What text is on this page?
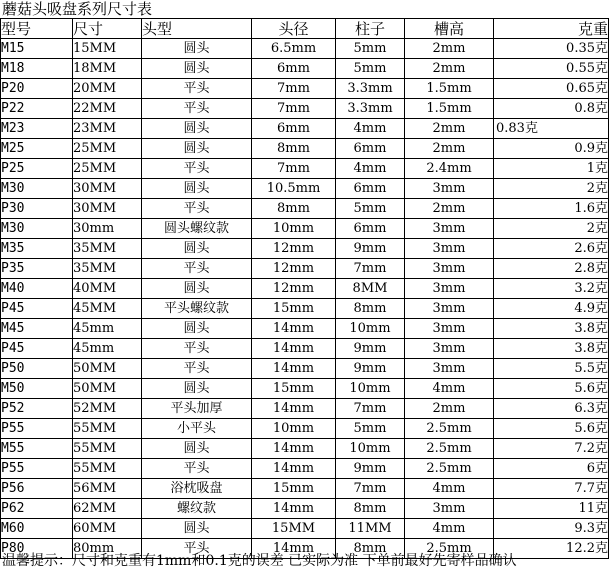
蘑菇头吸盘系列尺寸表
型号	尺寸	头型	头径	柱子	槽高	克重
M15	15MM	圆头	6.5mm	5mm	2mm	0.35克
M18	18MM	圆头	6mm	5mm	2mm	0.55克
P20	20MM	平头	7mm	3.3mm	1.5mm	0.65克
P22	22MM	平头	7mm	3.3mm	1.5mm	0.8克
M23	23MM	圆头	6mm	4mm	2mm	0.83克
M25	25MM	圆头	8mm	6mm	2mm	0.9克
P25	25MM	平头	7mm	4mm	2.4mm	1克
M30	30MM	圆头	10.5mm	6mm	3mm	2克
P30	30MM	平头	8mm	5mm	2mm	1.6克
M30	30mm	圆头螺纹款	10mm	6mm	3mm	2克
M35	35MM	圆头	12mm	9mm	3mm	2.6克
P35	35MM	平头	12mm	7mm	3mm	2.8克
M40	40MM	圆头	12mm	8MM	3mm	3.2克
P45	45MM	平头螺纹款	15mm	8mm	3mm	4.9克
M45	45mm	圆头	14mm	10mm	3mm	3.8克
P45	45mm	平头	14mm	9mm	3mm	3.8克
P50	50MM	平头	14mm	9mm	3mm	5.5克
M50	50MM	圆头	15mm	10mm	4mm	5.6克
P52	52MM	平头加厚	14mm	7mm	2mm	6.3克
P55	55MM	小平头	10mm	5mm	2.5mm	5.6克
M55	55MM	圆头	14mm	10mm	2.5mm	7.2克
P55	55MM	平头	14mm	9mm	2.5mm	6克
P56	56MM	浴枕吸盘	15mm	7mm	4mm	7.7克
P62	62MM	螺纹款	14mm	8mm	3mm	11克
M60	60MM	圆头	15MM	11MM	4mm	9.3克
P80	80mm	平头	14mm	8mm	2.5mm	12.2克
温馨提示：尺寸和克重有1mm和0.1克的误差 已实际为准 下单前最好先寄样品确认
